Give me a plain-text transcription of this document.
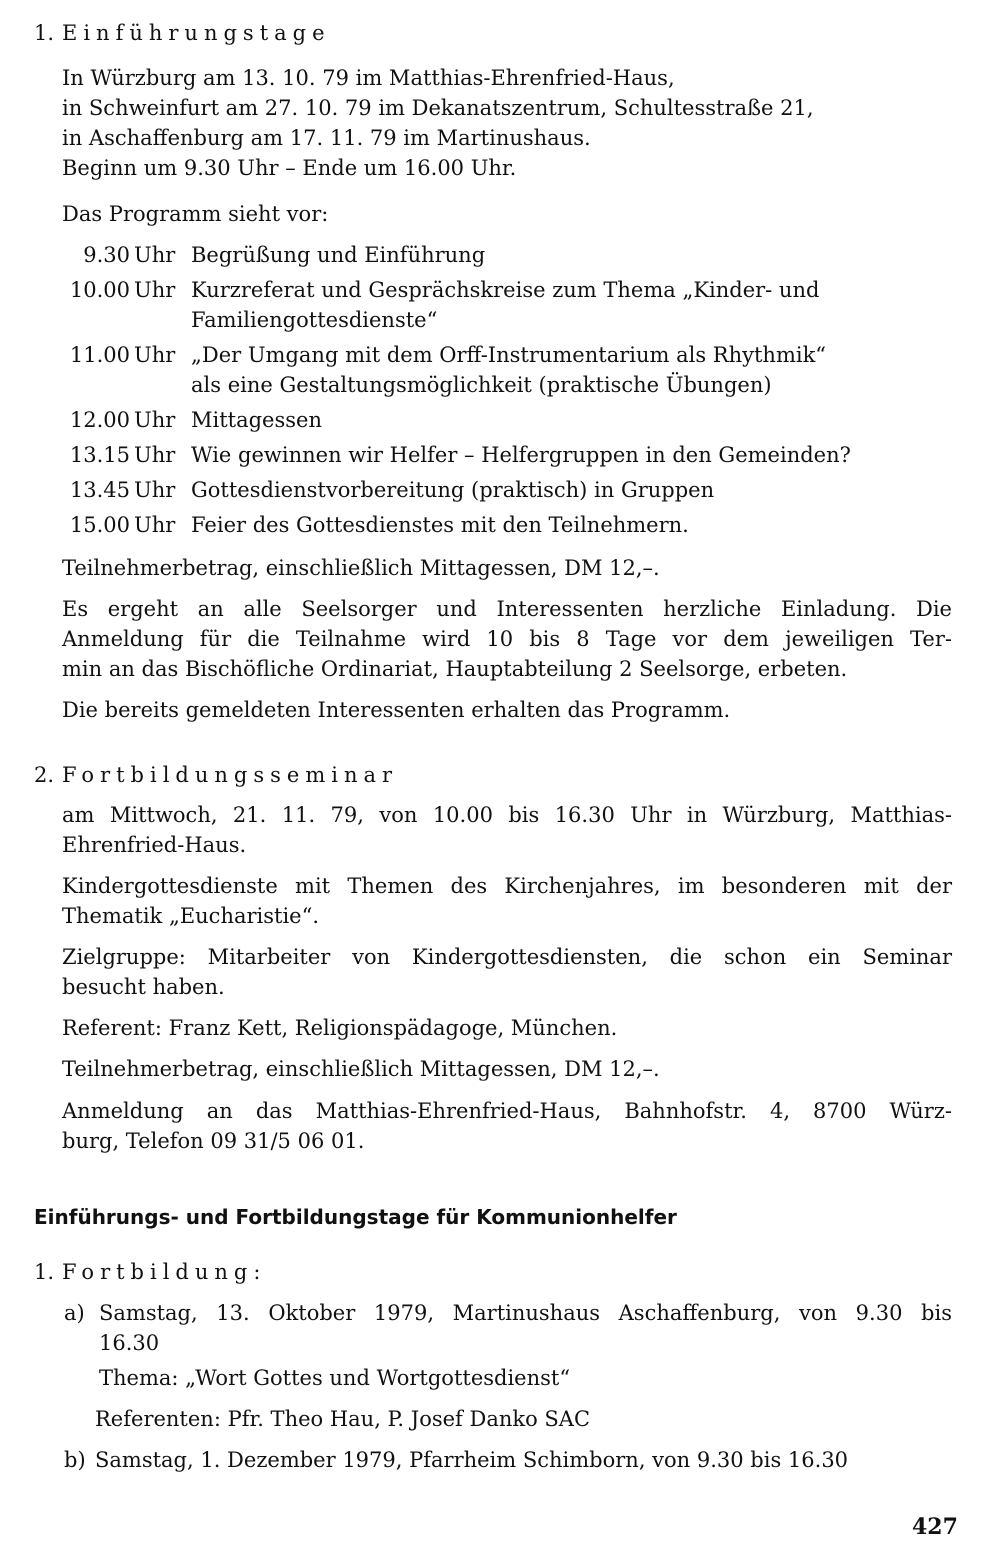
1. Einführungstage
In Würzburg am 13. 10. 79 im Matthias-Ehrenfried-Haus,
in Schweinfurt am 27. 10. 79 im Dekanatszentrum, Schultesstraße 21,
in Aschaffenburg am 17. 11. 79 im Martinushaus.
Beginn um 9.30 Uhr – Ende um 16.00 Uhr.
Das Programm sieht vor:
9.30 Uhr Begrüßung und Einführung
10.00 Uhr Kurzreferat und Gesprächskreise zum Thema „Kinder- und
Familiengottesdienste“
11.00 Uhr „Der Umgang mit dem Orff-Instrumentarium als Rhythmik“
als eine Gestaltungsmöglichkeit (praktische Übungen)
12.00 Uhr Mittagessen
13.15 Uhr Wie gewinnen wir Helfer – Helfergruppen in den Gemeinden?
13.45 Uhr Gottesdienstvorbereitung (praktisch) in Gruppen
15.00 Uhr Feier des Gottesdienstes mit den Teilnehmern.
Teilnehmerbetrag, einschließlich Mittagessen, DM 12,–.
Es ergeht an alle Seelsorger und Interessenten herzliche Einladung. Die
Anmeldung für die Teilnahme wird 10 bis 8 Tage vor dem jeweiligen Ter-
min an das Bischöfliche Ordinariat, Hauptabteilung 2 Seelsorge, erbeten.
Die bereits gemeldeten Interessenten erhalten das Programm.
2. Fortbildungsseminar
am Mittwoch, 21. 11. 79, von 10.00 bis 16.30 Uhr in Würzburg, Matthias-
Ehrenfried-Haus.
Kindergottesdienste mit Themen des Kirchenjahres, im besonderen mit der
Thematik „Eucharistie“.
Zielgruppe: Mitarbeiter von Kindergottesdiensten, die schon ein Seminar
besucht haben.
Referent: Franz Kett, Religionspädagoge, München.
Teilnehmerbetrag, einschließlich Mittagessen, DM 12,–.
Anmeldung an das Matthias-Ehrenfried-Haus, Bahnhofstr. 4, 8700 Würz-
burg, Telefon 09 31/5 06 01.
Einführungs- und Fortbildungstage für Kommunionhelfer
1. Fortbildung:
a) Samstag, 13. Oktober 1979, Martinushaus Aschaffenburg, von 9.30 bis
16.30
Thema: „Wort Gottes und Wortgottesdienst“
Referenten: Pfr. Theo Hau, P. Josef Danko SAC
b) Samstag, 1. Dezember 1979, Pfarrheim Schimborn, von 9.30 bis 16.30
427
